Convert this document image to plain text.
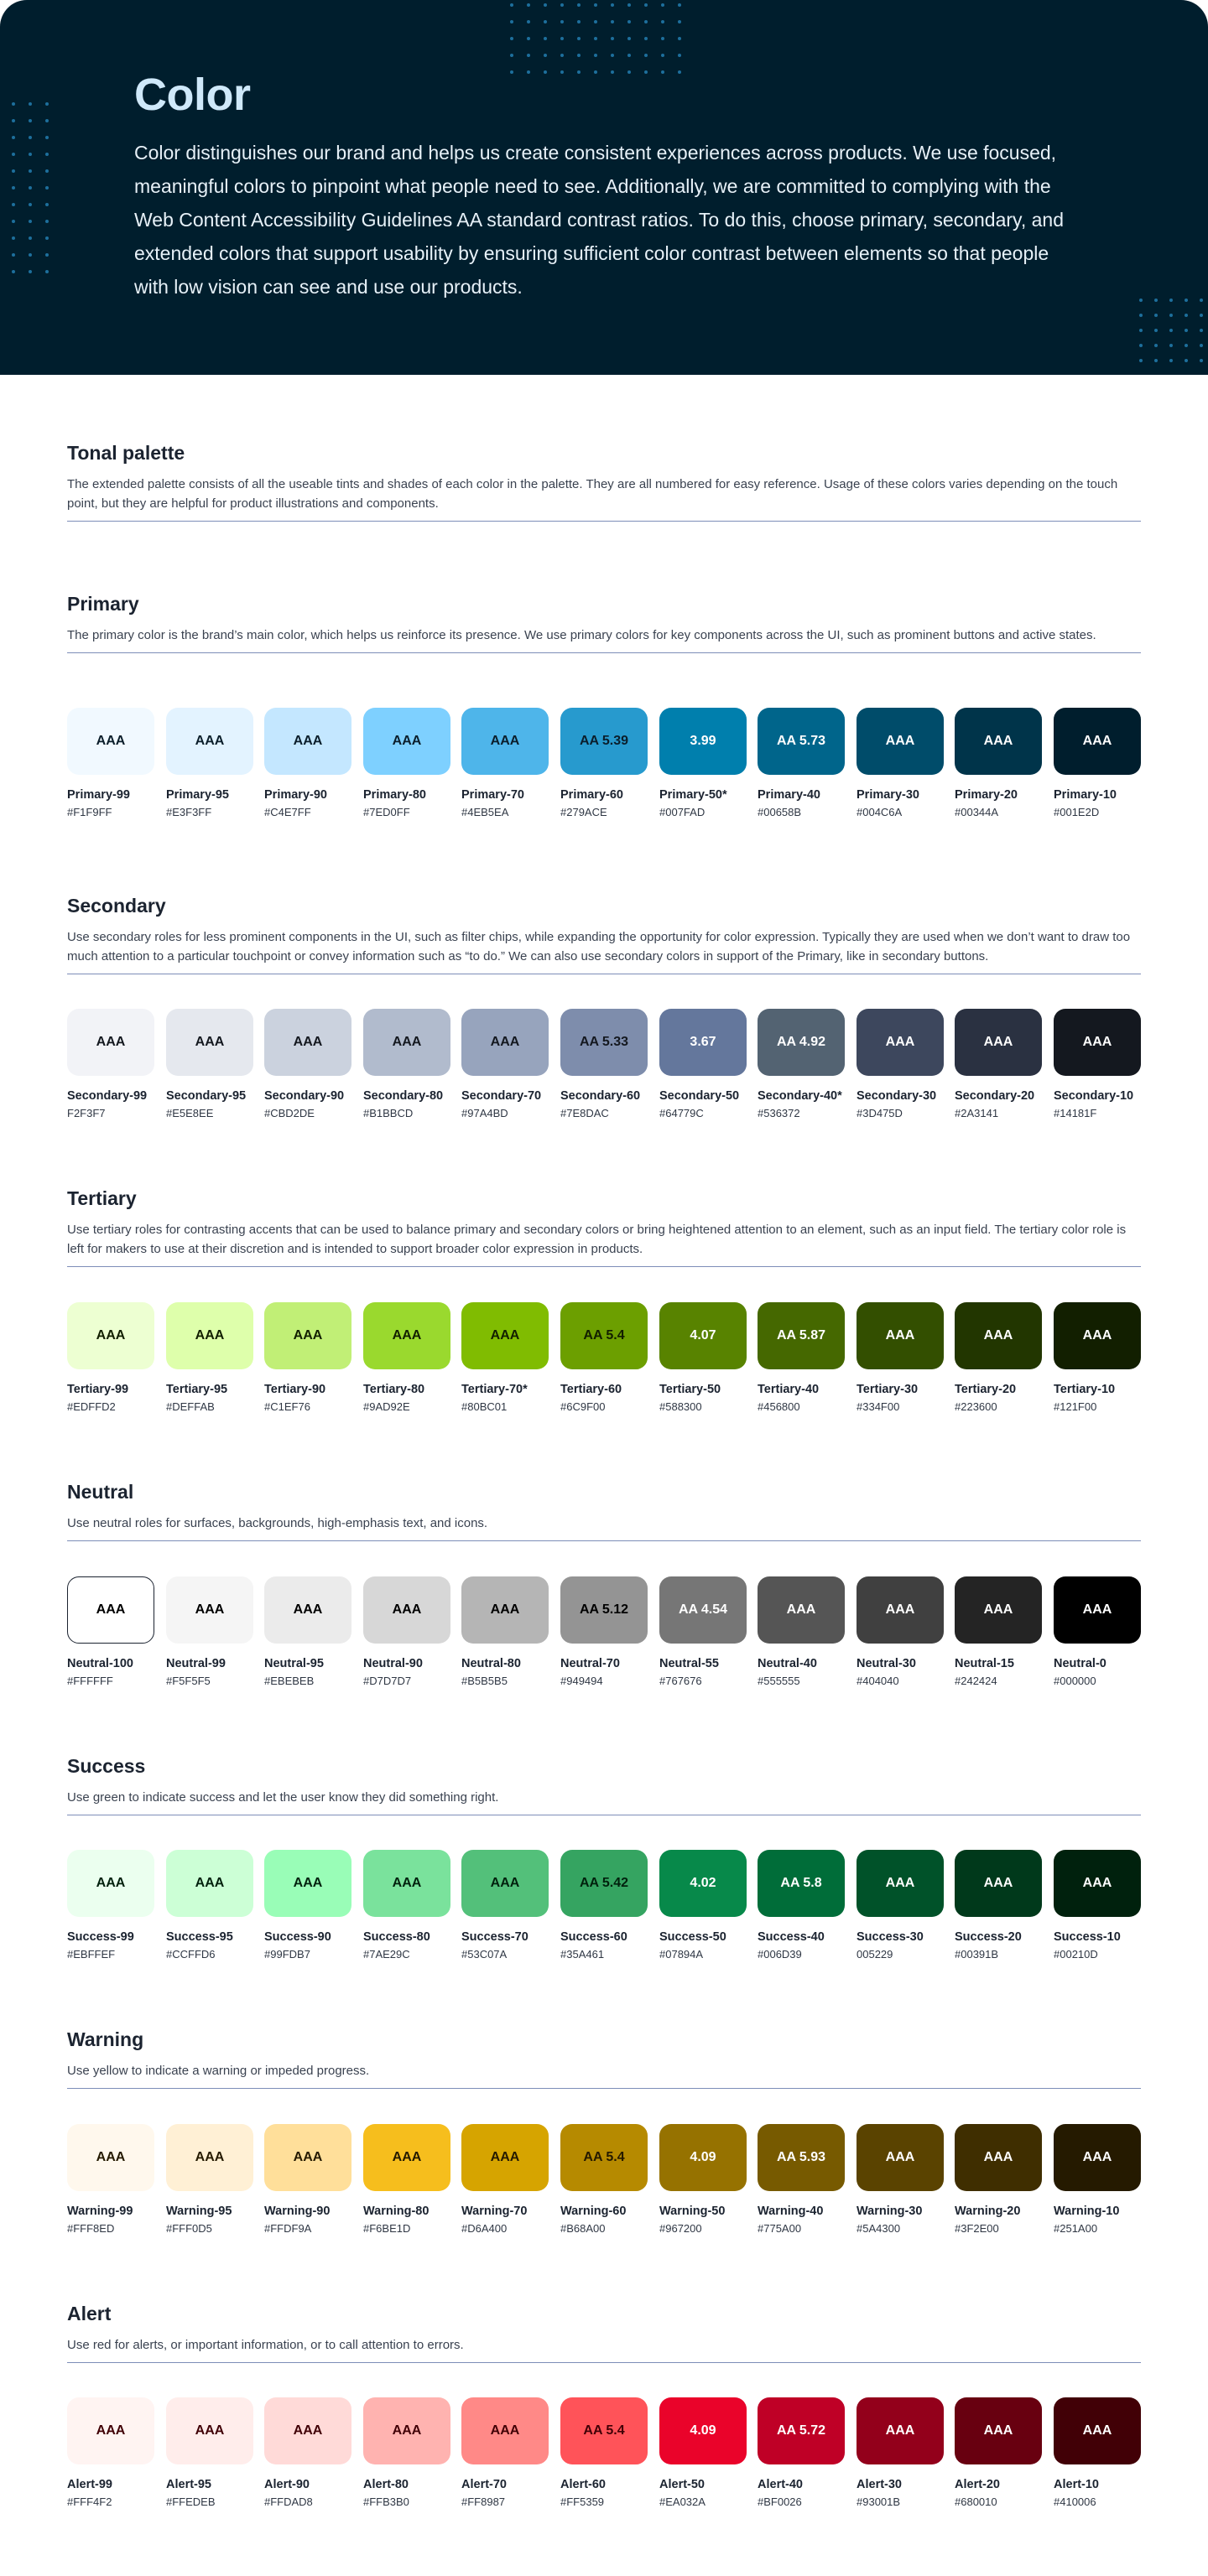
Color

Color distinguishes our brand and helps us create consistent experiences across products. We use focused, meaningful colors to pinpoint what people need to see. Additionally, we are committed to complying with the Web Content Accessibility Guidelines AA standard contrast ratios. To do this, choose primary, secondary, and extended colors that support usability by ensuring sufficient color contrast between elements so that people with low vision can see and use our products.

Tonal palette

The extended palette consists of all the useable tints and shades of each color in the palette. They are all numbered for easy reference. Usage of these colors varies depending on the touch point, but they are helpful for product illustrations and components.

Primary

The primary color is the brand’s main color, which helps us reinforce its presence. We use primary colors for key components across the UI, such as prominent buttons and active states.

AAA
Primary-99
#F1F9FF
AAA
Primary-95
#E3F3FF
AAA
Primary-90
#C4E7FF
AAA
Primary-80
#7ED0FF
AAA
Primary-70
#4EB5EA
AA 5.39
Primary-60
#279ACE
3.99
Primary-50*
#007FAD
AA 5.73
Primary-40
#00658B
AAA
Primary-30
#004C6A
AAA
Primary-20
#00344A
AAA
Primary-10
#001E2D
Secondary

Use secondary roles for less prominent components in the UI, such as filter chips, while expanding the opportunity for color expression. Typically they are used when we don’t want to draw too much attention to a particular touchpoint or convey information such as “to do.” We can also use secondary colors in support of the Primary, like in secondary buttons.

AAA
Secondary-99
F2F3F7
AAA
Secondary-95
#E5E8EE
AAA
Secondary-90
#CBD2DE
AAA
Secondary-80
#B1BBCD
AAA
Secondary-70
#97A4BD
AA 5.33
Secondary-60
#7E8DAC
3.67
Secondary-50
#64779C
AA 4.92
Secondary-40*
#536372
AAA
Secondary-30
#3D475D
AAA
Secondary-20
#2A3141
AAA
Secondary-10
#14181F
Tertiary

Use tertiary roles for contrasting accents that can be used to balance primary and secondary colors or bring heightened attention to an element, such as an input field. The tertiary color role is left for makers to use at their discretion and is intended to support broader color expression in products.

AAA
Tertiary-99
#EDFFD2
AAA
Tertiary-95
#DEFFAB
AAA
Tertiary-90
#C1EF76
AAA
Tertiary-80
#9AD92E
AAA
Tertiary-70*
#80BC01
AA 5.4
Tertiary-60
#6C9F00
4.07
Tertiary-50
#588300
AA 5.87
Tertiary-40
#456800
AAA
Tertiary-30
#334F00
AAA
Tertiary-20
#223600
AAA
Tertiary-10
#121F00
Neutral

Use neutral roles for surfaces, backgrounds, high-emphasis text, and icons.

AAA
Neutral-100
#FFFFFF
AAA
Neutral-99
#F5F5F5
AAA
Neutral-95
#EBEBEB
AAA
Neutral-90
#D7D7D7
AAA
Neutral-80
#B5B5B5
AA 5.12
Neutral-70
#949494
AA 4.54
Neutral-55
#767676
AAA
Neutral-40
#555555
AAA
Neutral-30
#404040
AAA
Neutral-15
#242424
AAA
Neutral-0
#000000
Success

Use green to indicate success and let the user know they did something right.

AAA
Success-99
#EBFFEF
AAA
Success-95
#CCFFD6
AAA
Success-90
#99FDB7
AAA
Success-80
#7AE29C
AAA
Success-70
#53C07A
AA 5.42
Success-60
#35A461
4.02
Success-50
#07894A
AA 5.8
Success-40
#006D39
AAA
Success-30
005229
AAA
Success-20
#00391B
AAA
Success-10
#00210D
Warning

Use yellow to indicate a warning or impeded progress.

AAA
Warning-99
#FFF8ED
AAA
Warning-95
#FFF0D5
AAA
Warning-90
#FFDF9A
AAA
Warning-80
#F6BE1D
AAA
Warning-70
#D6A400
AA 5.4
Warning-60
#B68A00
4.09
Warning-50
#967200
AA 5.93
Warning-40
#775A00
AAA
Warning-30
#5A4300
AAA
Warning-20
#3F2E00
AAA
Warning-10
#251A00
Alert

Use red for alerts, or important information, or to call attention to errors.

AAA
Alert-99
#FFF4F2
AAA
Alert-95
#FFEDEB
AAA
Alert-90
#FFDAD8
AAA
Alert-80
#FFB3B0
AAA
Alert-70
#FF8987
AA 5.4
Alert-60
#FF5359
4.09
Alert-50
#EA032A
AA 5.72
Alert-40
#BF0026
AAA
Alert-30
#93001B
AAA
Alert-20
#680010
AAA
Alert-10
#410006
